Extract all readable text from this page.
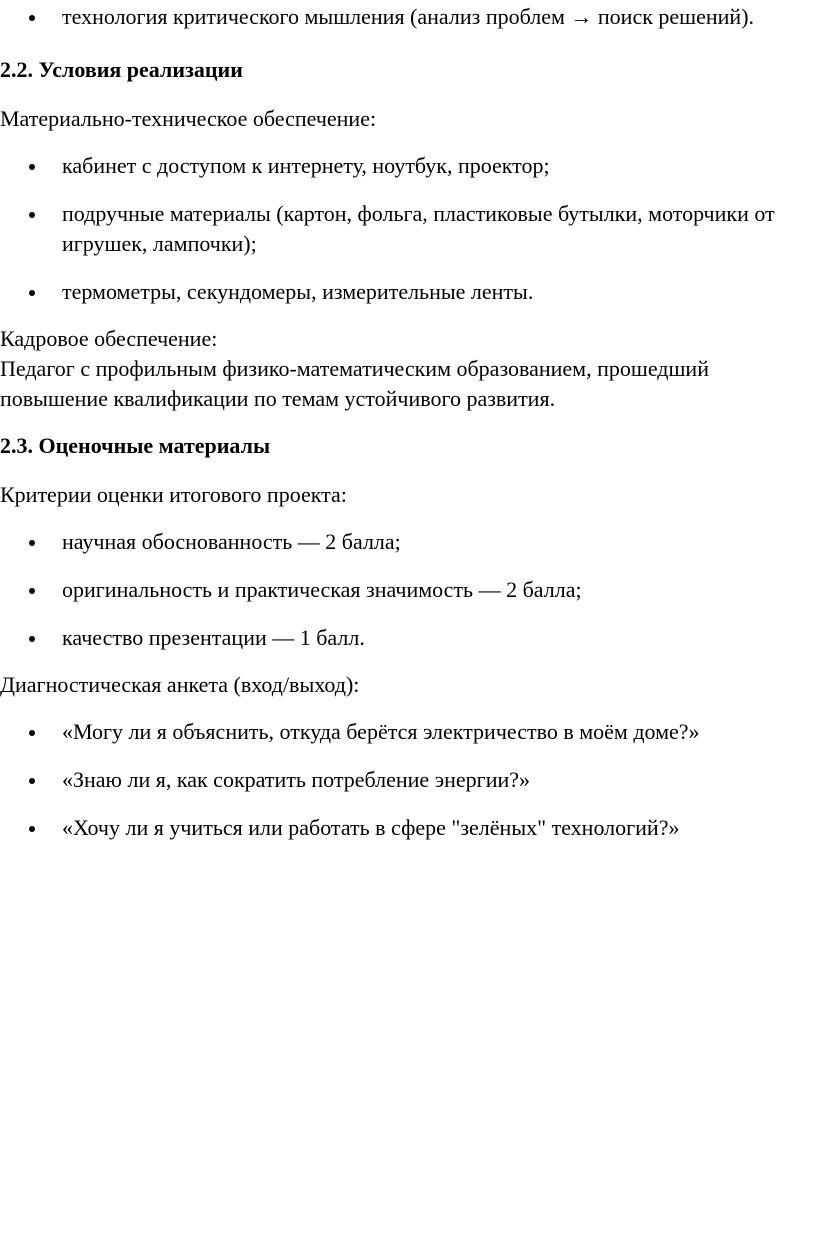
технология критического мышления (анализ проблем → поиск решений).
2.2. Условия реализации

Материально-техническое обеспечение:

кабинет с доступом к интернету, ноутбук, проектор;
подручные материалы (картон, фольга, пластиковые бутылки, моторчики от игрушек, лампочки);
термометры, секундомеры, измерительные ленты.

Кадровое обеспечение:
Педагог с профильным физико-математическим образованием, прошедший повышение квалификации по темам устойчивого развития.

2.3. Оценочные материалы

Критерии оценки итогового проекта:

научная обоснованность — 2 балла;
оригинальность и практическая значимость — 2 балла;
качество презентации — 1 балл.

Диагностическая анкета (вход/выход):

«Могу ли я объяснить, откуда берётся электричество в моём доме?»
«Знаю ли я, как сократить потребление энергии?»
«Хочу ли я учиться или работать в сфере "зелёных" технологий?»
